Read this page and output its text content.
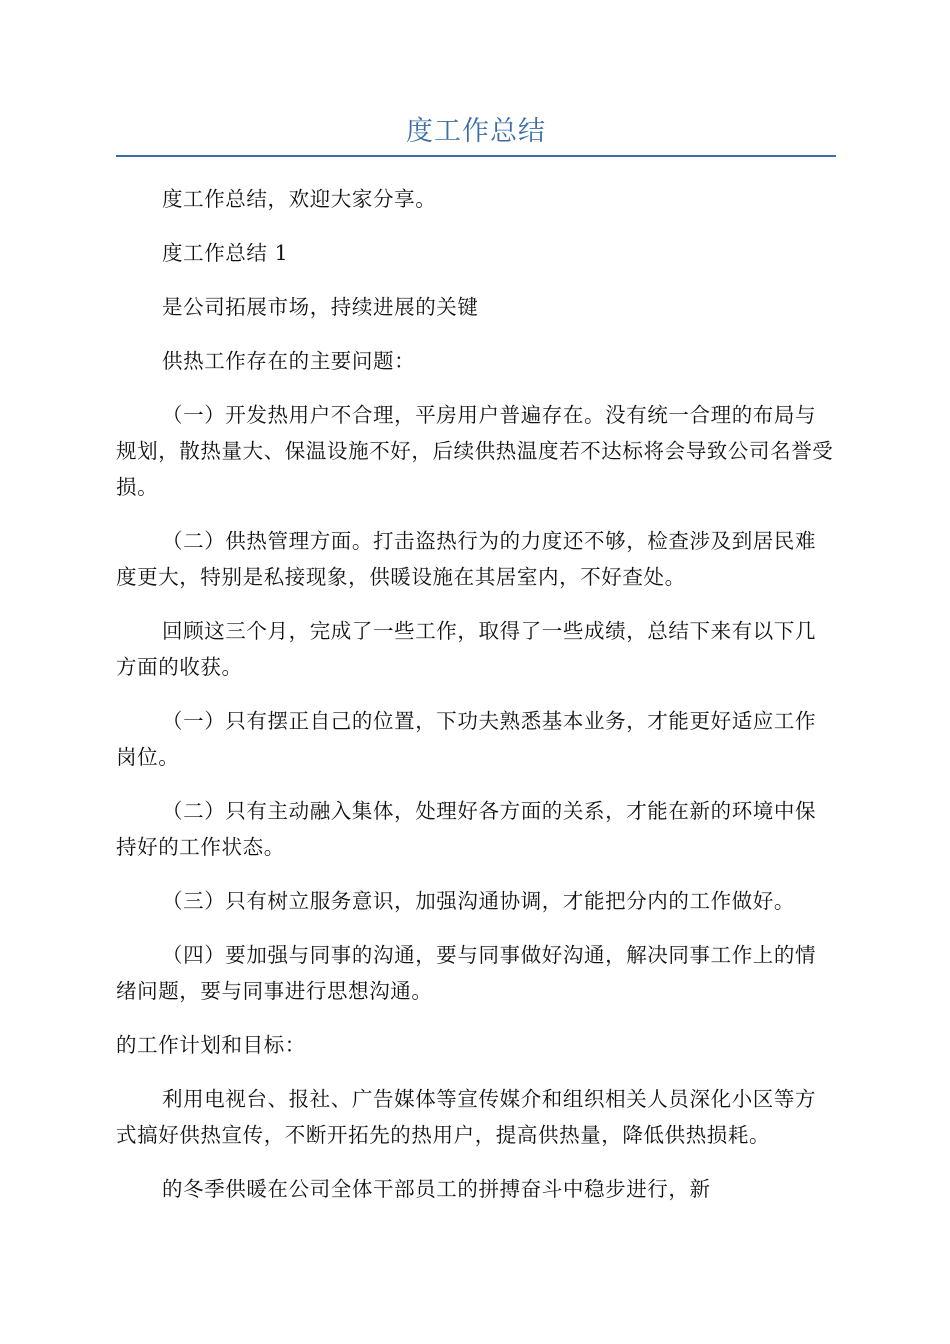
度工作总结

度工作总结，欢迎大家分享。

度工作总结 1

是公司拓展市场，持续进展的关键

供热工作存在的主要问题：

（一）开发热用户不合理，平房用户普遍存在。没有统一合理的布局与规划，散热量大、保温设施不好，后续供热温度若不达标将会导致公司名誉受损。

（二）供热管理方面。打击盗热行为的力度还不够，检查涉及到居民难度更大，特别是私接现象，供暖设施在其居室内，不好查处。

回顾这三个月，完成了一些工作，取得了一些成绩，总结下来有以下几方面的收获。

（一）只有摆正自己的位置，下功夫熟悉基本业务，才能更好适应工作岗位。

（二）只有主动融入集体，处理好各方面的关系，才能在新的环境中保持好的工作状态。

（三）只有树立服务意识，加强沟通协调，才能把分内的工作做好。

（四）要加强与同事的沟通，要与同事做好沟通，解决同事工作上的情绪问题，要与同事进行思想沟通。

的工作计划和目标：

利用电视台、报社、广告媒体等宣传媒介和组织相关人员深化小区等方式搞好供热宣传，不断开拓先的热用户，提高供热量，降低供热损耗。

的冬季供暖在公司全体干部员工的拼搏奋斗中稳步进行，新
